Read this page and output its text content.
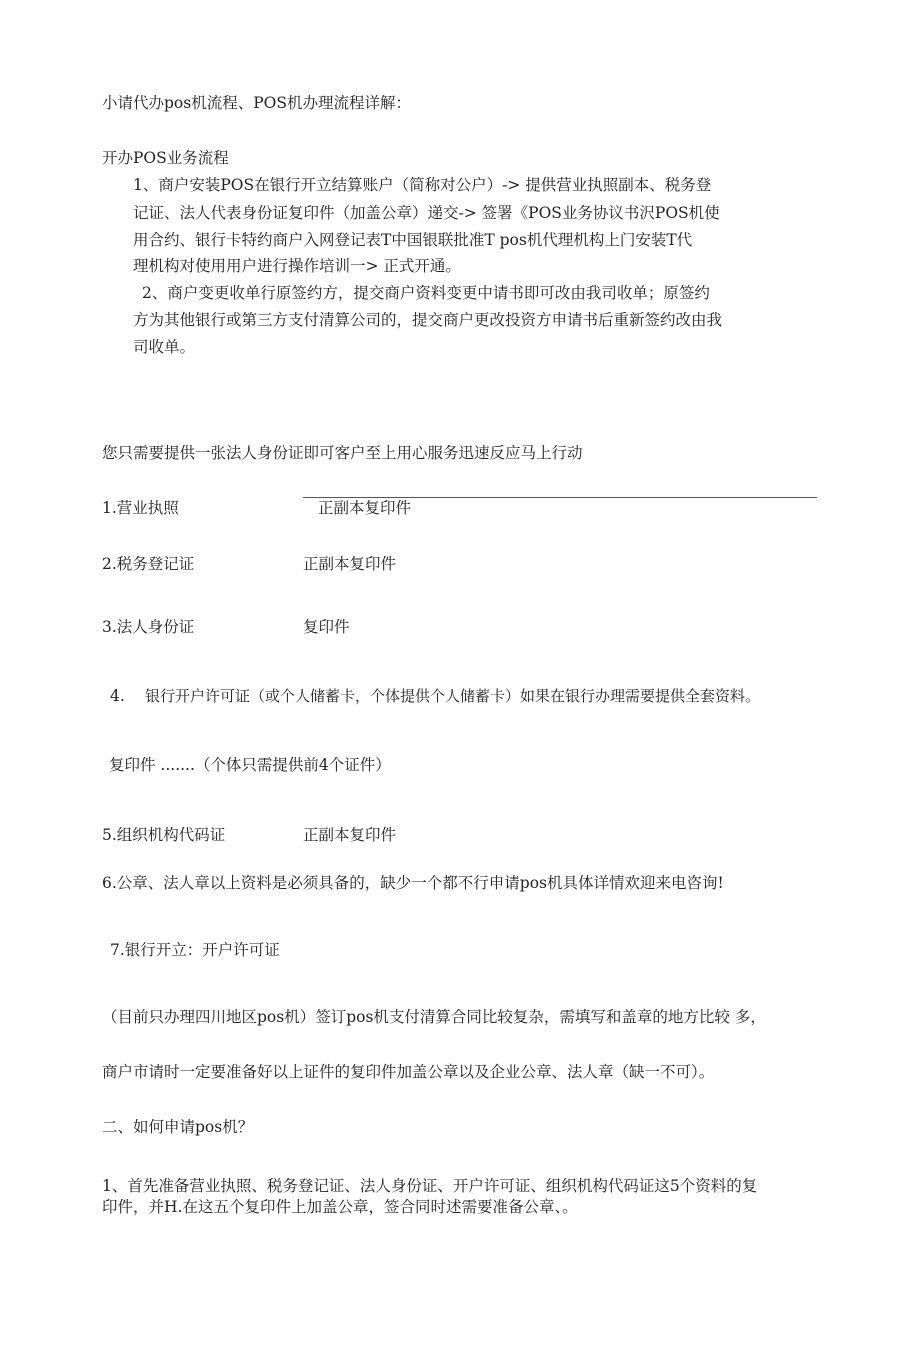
小请代办pos机流程、POS机办理流程详解：
开办POS业务流程
1、商户安装POS在银行开立结算账户（简称对公户）-> 提供营业执照副本、税务登
记证、法人代表身份证复印件（加盖公章）递交-> 签署《POS业务协议书沢POS机使
用合约、银行卡特约商户入网登记表T中国银联批准T pos机代理机构上门安装T代
理机构对使用用户进行操作培训一> 正式开通。
2、商户变更收单行原签约方，提交商户资料变更中请书即可改由我司收单；原签约
方为其他银行或第三方支付清算公司的，提交商户更改投资方申请书后重新签约改由我
司收单。
您只需要提供一张法人身份证即可客户至上用心服务迅速反应马上行动
1.营业执照	正副本复印件
2.税务登记证	正副本复印件
3.法人身份证	复印件
4. 银行开户许可证（或个人储蓄卡，个体提供个人储蓄卡）如果在银行办理需要提供全套资料。
复印件 .......（个体只需提供前4个证件）
5.组织机构代码证	正副本复印件
6.公章、法人章以上资料是必须具备的，缺少一个都不行申请pos机具体详情欢迎来电咨询!
7.银行开立：开户许可证
（目前只办理四川地区pos机）签订pos机支付清算合同比较复杂，需填写和盖章的地方比较 多，
商户市请时一定要准备好以上证件的复印件加盖公章以及企业公章、法人章（缺一不可）。
二、如何申请pos机？
1、首先准备营业执照、税务登记证、法人身份证、开户许可证、组织机构代码证这5个资料的复
印件，并H.在这五个复印件上加盖公章，签合同时述需要准备公章、。
